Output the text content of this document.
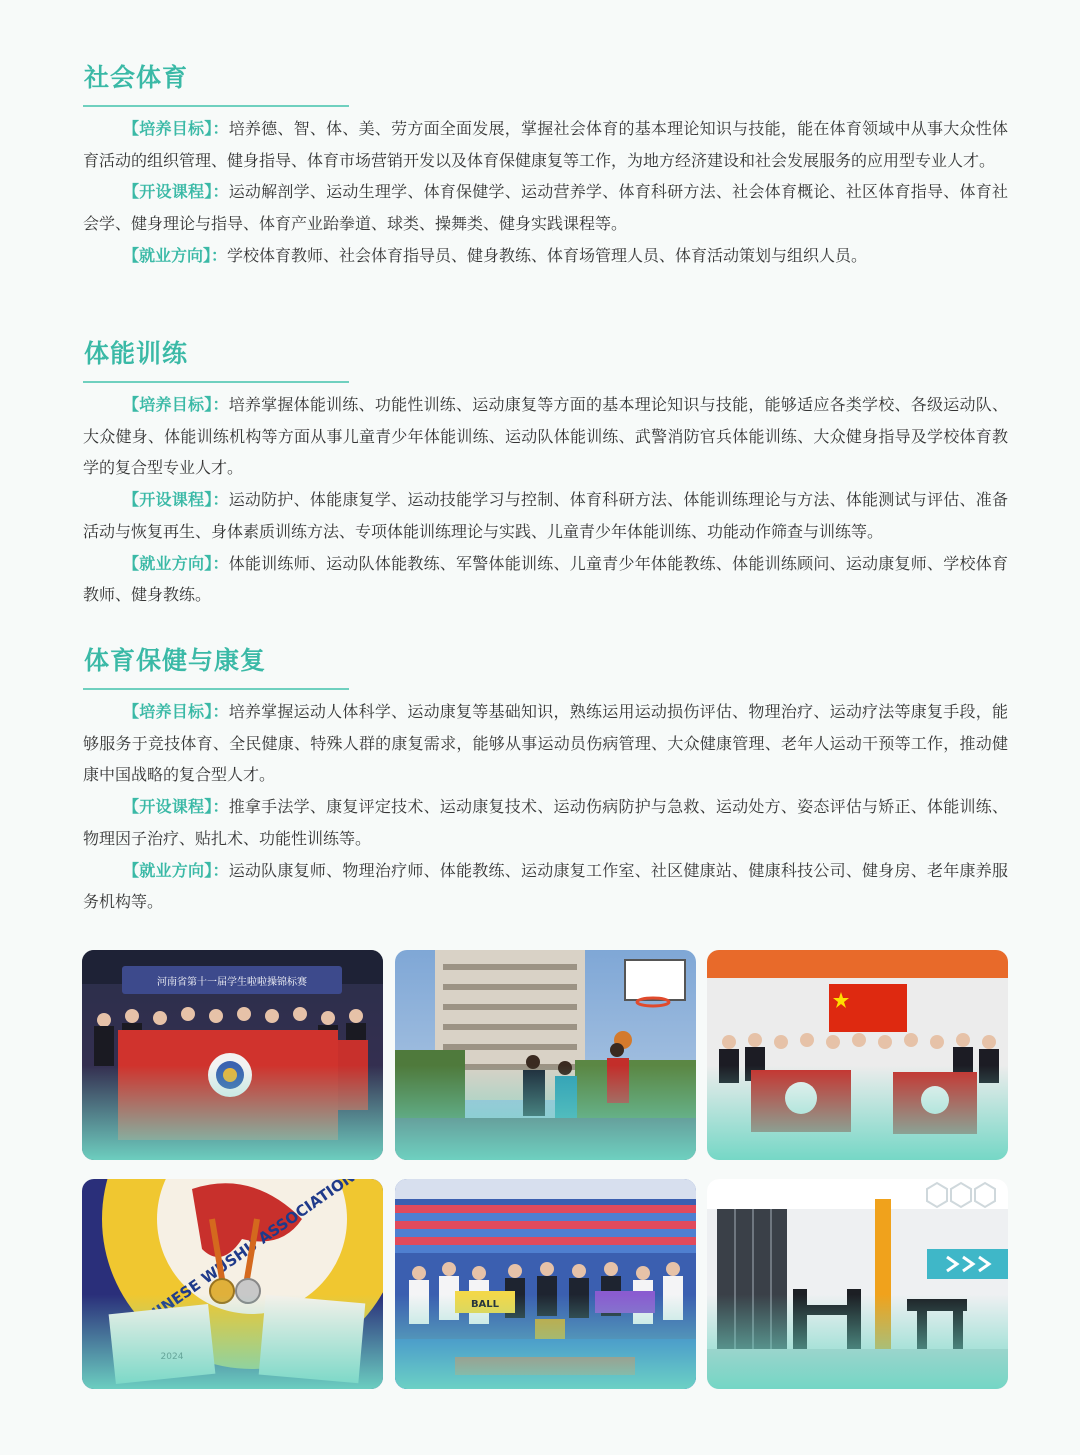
社会体育

【培养目标】：培养德、智、体、美、劳方面全面发展，掌握社会体育的基本理论知识与技能，能在体育领域中从事大众性体育活动的组织管理、健身指导、体育市场营销开发以及体育保健康复等工作，为地方经济建设和社会发展服务的应用型专业人才。

【开设课程】：运动解剖学、运动生理学、体育保健学、运动营养学、体育科研方法、社会体育概论、社区体育指导、体育社会学、健身理论与指导、体育产业跆拳道、球类、操舞类、健身实践课程等。

【就业方向】：学校体育教师、社会体育指导员、健身教练、体育场管理人员、体育活动策划与组织人员。

体能训练

【培养目标】：培养掌握体能训练、功能性训练、运动康复等方面的基本理论知识与技能，能够适应各类学校、各级运动队、大众健身、体能训练机构等方面从事儿童青少年体能训练、运动队体能训练、武警消防官兵体能训练、大众健身指导及学校体育教学的复合型专业人才。

【开设课程】：运动防护、体能康复学、运动技能学习与控制、体育科研方法、体能训练理论与方法、体能测试与评估、准备活动与恢复再生、身体素质训练方法、专项体能训练理论与实践、儿童青少年体能训练、功能动作筛查与训练等。

【就业方向】：体能训练师、运动队体能教练、军警体能训练、儿童青少年体能教练、体能训练顾问、运动康复师、学校体育教师、健身教练。

体育保健与康复

【培养目标】：培养掌握运动人体科学、运动康复等基础知识，熟练运用运动损伤评估、物理治疗、运动疗法等康复手段，能够服务于竞技体育、全民健康、特殊人群的康复需求，能够从事运动员伤病管理、大众健康管理、老年人运动干预等工作，推动健康中国战略的复合型人才。

【开设课程】：推拿手法学、康复评定技术、运动康复技术、运动伤病防护与急救、运动处方、姿态评估与矫正、体能训练、物理因子治疗、贴扎术、功能性训练等。

【就业方向】：运动队康复师、物理治疗师、体能教练、运动康复工作室、社区健康站、健康科技公司、健身房、老年康养服务机构等。
